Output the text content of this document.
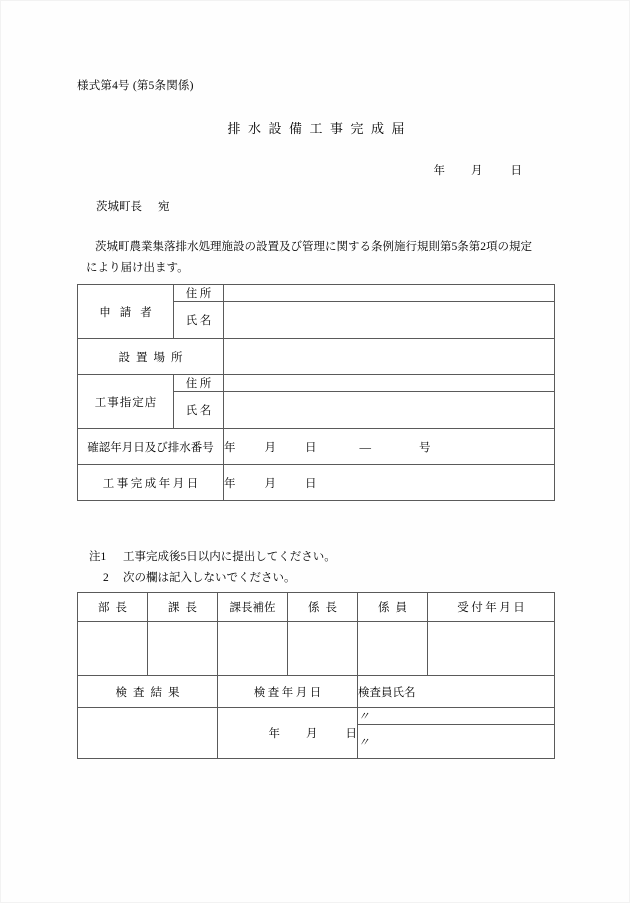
様式第4号 (第5条関係)
排水設備工事完成届
年 月 日
茨城町長 宛
茨城町農業集落排水処理施設の設置及び管理に関する条例施行規則第5条第2項の規定
により届け出ます。
申請者	住所	
	氏名	
設置場所		
工事指定店	住所	
	氏名	
確認年月日及び排水番号		年 月 日 — 号
工事完成年月日		年 月 日
注1 工事完成後5日以内に提出してください。
2 次の欄は記入しないでください。
部長	課長	課長補佐	係長	係員	受付年月日

検査結果		検査年月日		検査員氏名	
		年 月 日		〃	
				〃	
